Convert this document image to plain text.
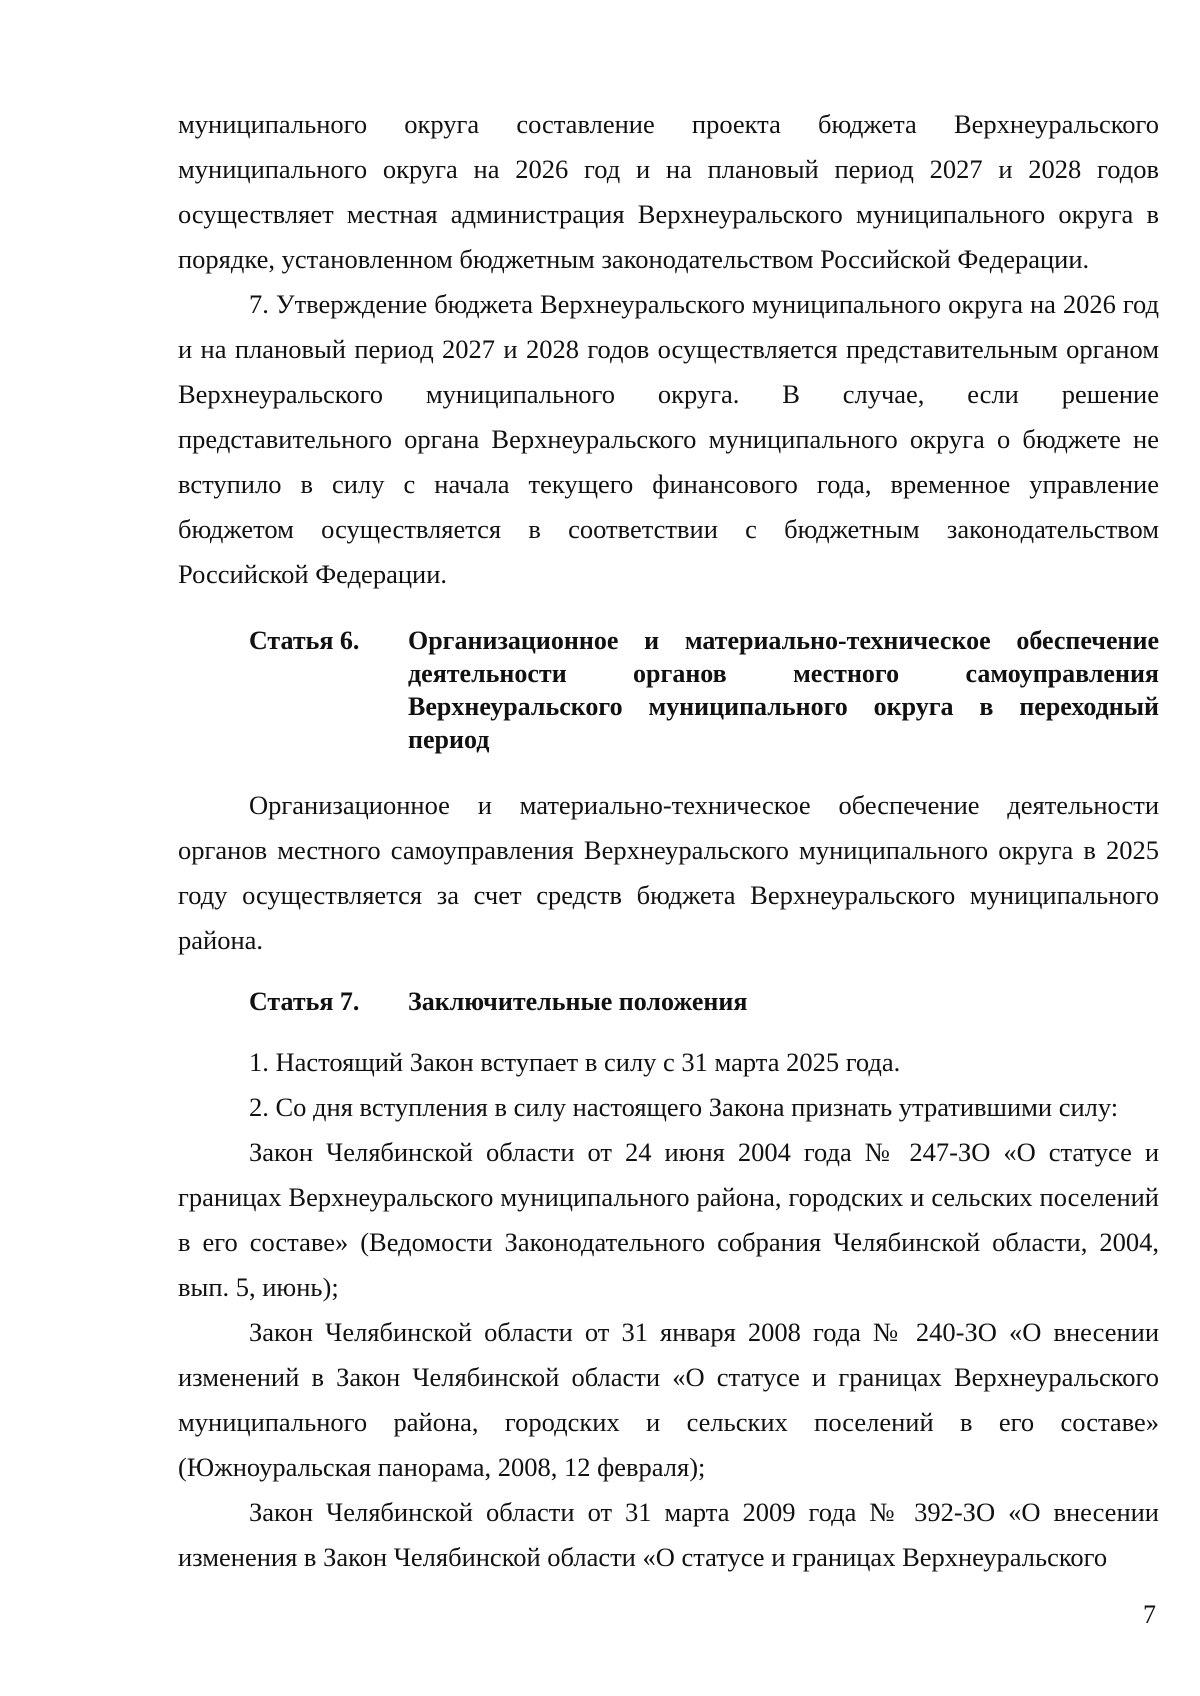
муниципального округа составление проекта бюджета Верхнеуральского муниципального округа на 2026 год и на плановый период 2027 и 2028 годов осуществляет местная администрация Верхнеуральского муниципального округа в порядке, установленном бюджетным законодательством Российской Федерации.

7. Утверждение бюджета Верхнеуральского муниципального округа на 2026 год и на плановый период 2027 и 2028 годов осуществляется представительным органом Верхнеуральского муниципального округа. В случае, если решение представительного органа Верхнеуральского муниципального округа о бюджете не вступило в силу с начала текущего финансового года, временное управление бюджетом осуществляется в соответствии с бюджетным законодательством Российской Федерации.

Статья 6.	Организационное и материально-техническое обеспечение деятельности органов местного самоуправления Верхнеуральского муниципального округа в переходный период

Организационное и материально-техническое обеспечение деятельности органов местного самоуправления Верхнеуральского муниципального округа в 2025 году осуществляется за счет средств бюджета Верхнеуральского муниципального района.

Статья 7.	Заключительные положения

1. Настоящий Закон вступает в силу с 31 марта 2025 года.

2. Со дня вступления в силу настоящего Закона признать утратившими силу:

Закон Челябинской области от 24 июня 2004 года № 247-ЗО «О статусе и границах Верхнеуральского муниципального района, городских и сельских поселений в его составе» (Ведомости Законодательного собрания Челябинской области, 2004, вып. 5, июнь);

Закон Челябинской области от 31 января 2008 года № 240-ЗО «О внесении изменений в Закон Челябинской области «О статусе и границах Верхнеуральского муниципального района, городских и сельских поселений в его составе» (Южноуральская панорама, 2008, 12 февраля);

Закон Челябинской области от 31 марта 2009 года № 392-ЗО «О внесении изменения в Закон Челябинской области «О статусе и границах Верхнеуральского

7
